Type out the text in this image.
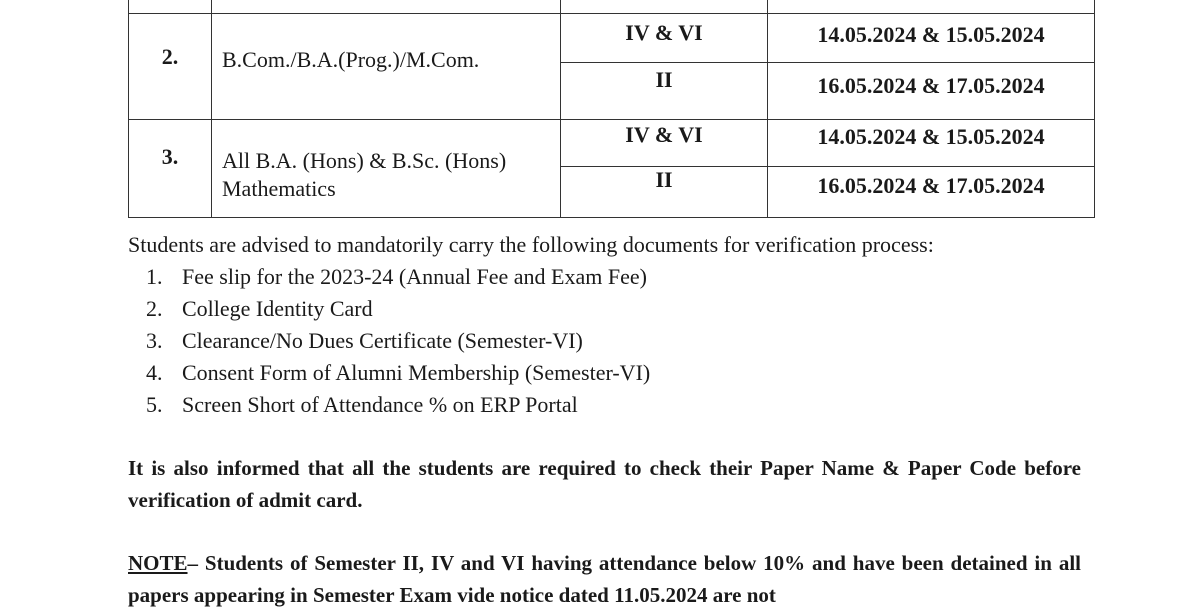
2.	B.Com./B.A.(Prog.)/M.Com.	IV & VI	14.05.2024 & 15.05.2024

		II	16.05.2024 & 17.05.2024

3.	All B.A. (Hons) & B.Sc. (Hons)
Mathematics	IV & VI	14.05.2024 & 15.05.2024

		II	16.05.2024 & 17.05.2024
Students are advised to mandatorily carry the following documents for verification process:
1. Fee slip for the 2023-24 (Annual Fee and Exam Fee)
2. College Identity Card
3. Clearance/No Dues Certificate (Semester-VI)
4. Consent Form of Alumni Membership (Semester-VI)
5. Screen Short of Attendance % on ERP Portal
It is also informed that all the students are required to check their Paper Name & Paper Code before verification of admit card.
NOTE– Students of Semester II, IV and VI having attendance below 10% and have been detained in all papers appearing in Semester Exam vide notice dated 11.05.2024 are not
